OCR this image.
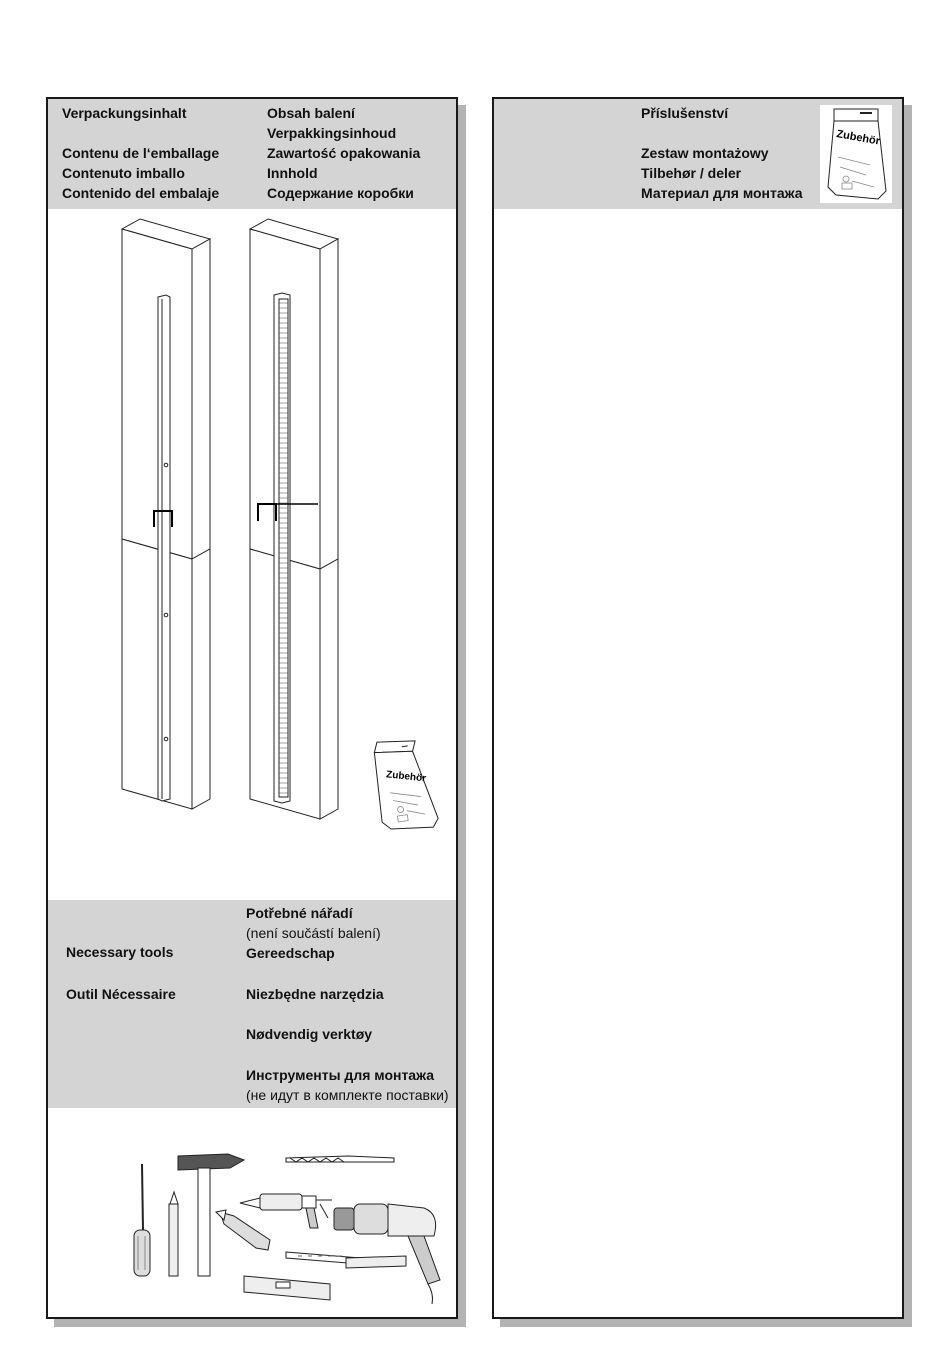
Verpackungsinhalt
Contenu de l‘emballage
Contenuto imballo
Contenido del embalaje
Obsah balení
Verpakkingsinhoud
Zawartość opakowania
Innhold
Содержание коробки
Zubehör
Necessary tools
Outil Nécessaire
Potřebné nářadí
(není součástí balení)
Gereedschap
Niezbędne narzędzia
Nødvendig verktøy
Инструменты для монтажа
(не идут в комплекте поставки)
Příslušenství
Zestaw montażowy
Tilbehør / deler
Материал для монтажа
Zubehör
